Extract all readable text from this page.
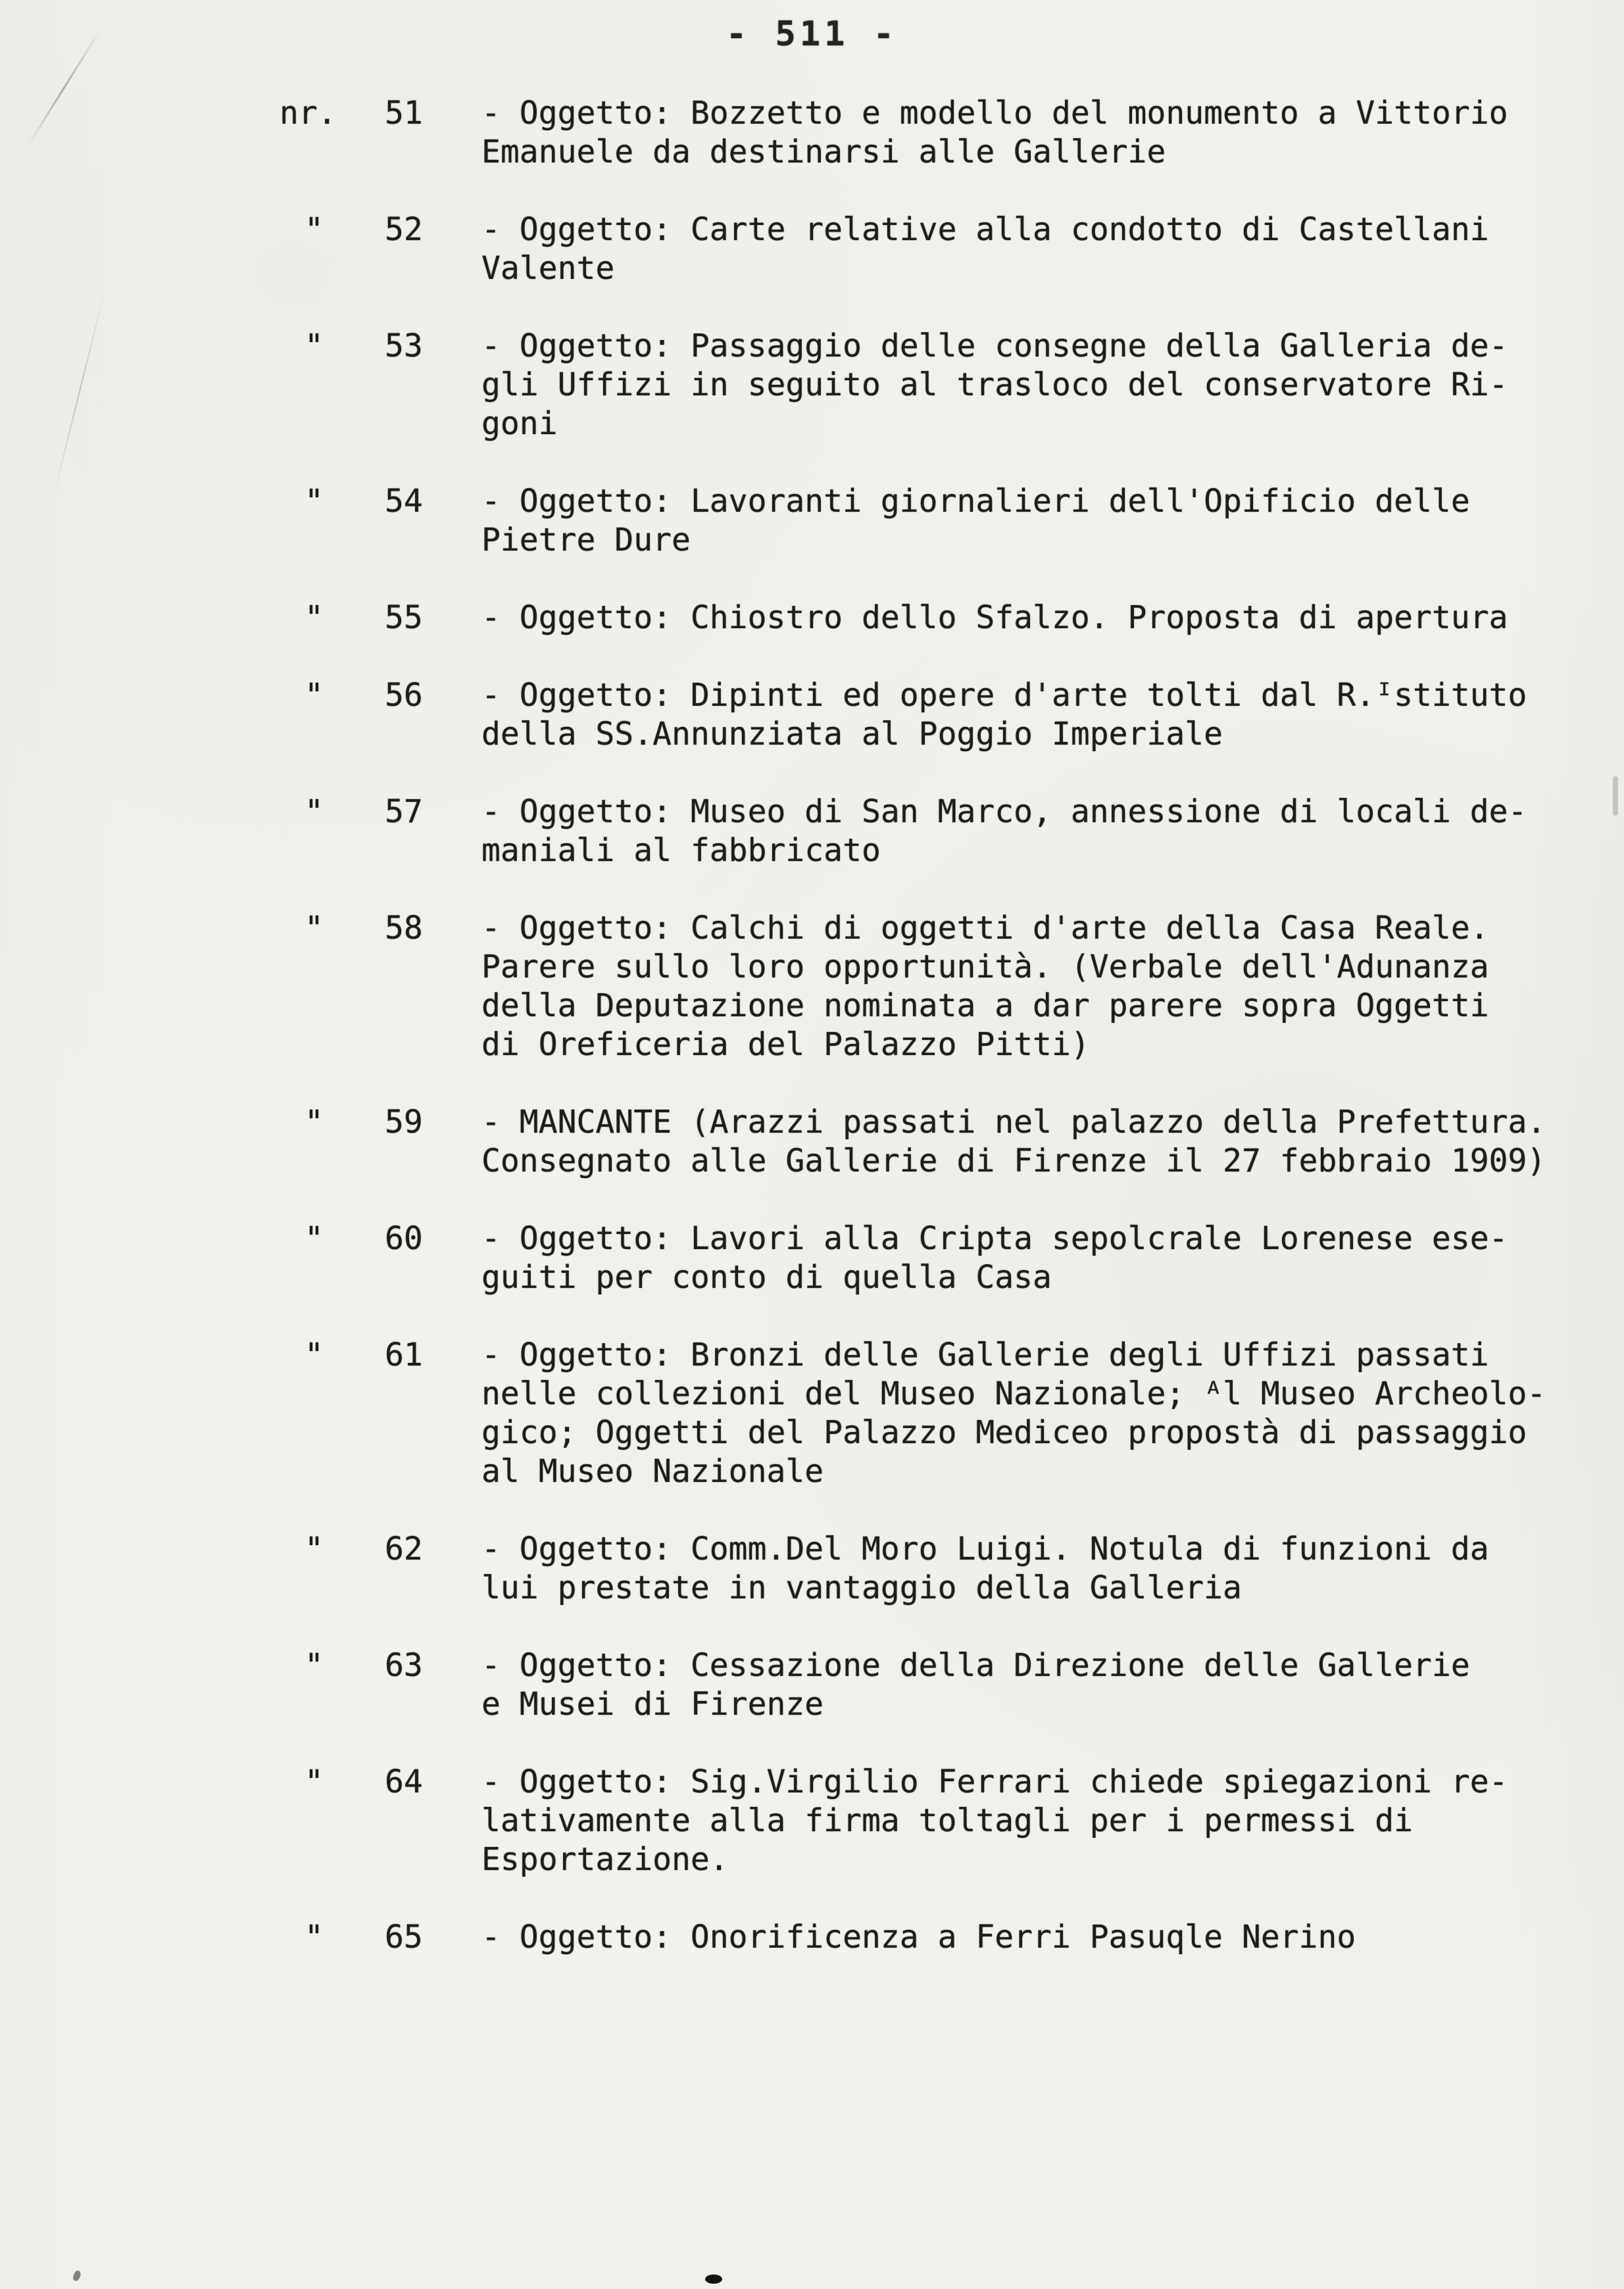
- 511 -
nr.	51	- Oggetto: Bozzetto e modello del monumento a Vittorio
Emanuele da destinarsi alle Gallerie
"	52	- Oggetto: Carte relative alla condotto di Castellani
Valente
"	53	- Oggetto: Passaggio delle consegne della Galleria de-
gli Uffizi in seguito al trasloco del conservatore Ri-
goni
"	54	- Oggetto: Lavoranti giornalieri dell'Opificio delle
Pietre Dure
"	55	- Oggetto: Chiostro dello Sfalzo. Proposta di apertura
"	56	- Oggetto: Dipinti ed opere d'arte tolti dal R.ᴵstituto
della SS.Annunziata al Poggio Imperiale
"	57	- Oggetto: Museo di San Marco, annessione di locali de-
maniali al fabbricato
"	58	- Oggetto: Calchi di oggetti d'arte della Casa Reale.
Parere sullo loro opportunità. (Verbale dell'Adunanza
della Deputazione nominata a dar parere sopra Oggetti
di Oreficeria del Palazzo Pitti)
"	59	- MANCANTE (Arazzi passati nel palazzo della Prefettura.
Consegnato alle Gallerie di Firenze il 27 febbraio 1909)
"	60	- Oggetto: Lavori alla Cripta sepolcrale Lorenese ese-
guiti per conto di quella Casa
"	61	- Oggetto: Bronzi delle Gallerie degli Uffizi passati
nelle collezioni del Museo Nazionale; ᴬl Museo Archeolo-
gico; Oggetti del Palazzo Mediceo propostà di passaggio
al Museo Nazionale
"	62	- Oggetto: Comm.Del Moro Luigi. Notula di funzioni da
lui prestate in vantaggio della Galleria
"	63	- Oggetto: Cessazione della Direzione delle Gallerie
e Musei di Firenze
"	64	- Oggetto: Sig.Virgilio Ferrari chiede spiegazioni re-
lativamente alla firma toltagli per i permessi di
Esportazione.
"	65	- Oggetto: Onorificenza a Ferri Pasuqle Nerino
